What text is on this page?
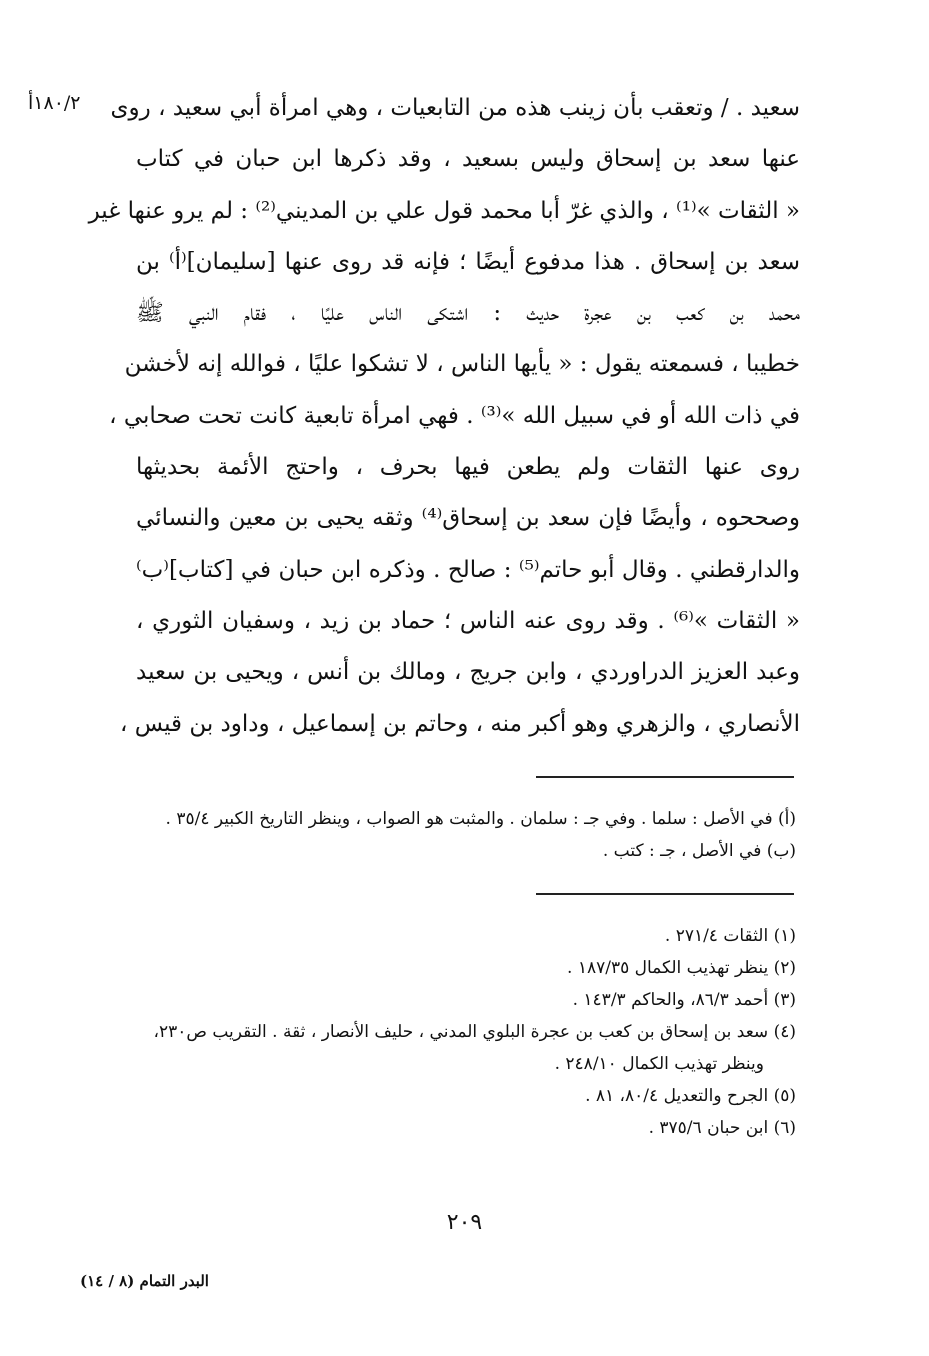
١٨٠/٢أ سعيد . / وتعقب بأن زينب هذه من التابعيات ، وهي امرأة أبي سعيد ، روى
عنها سعد بن إسحاق وليس بسعيد ، وقد ذكرها ابن حبان في كتاب
« الثقات »⁽¹⁾ ، والذي غرّ أبا محمد قول علي بن المديني⁽²⁾ : لم يرو عنها غير
سعد بن إسحاق . هذا مدفوع أيضًا ؛ فإنه قد روى عنها [سليمان]⁽أ⁾ بن
محمد بن كعب بن عجرة حديث : اشتكى الناس عليًا ، فقام النبي ﷺ
خطيبا ، فسمعته يقول : « يأيها الناس ، لا تشكوا عليًا ، فوالله إنه لأخشن
في ذات الله أو في سبيل الله »⁽³⁾ . فهي امرأة تابعية كانت تحت صحابي ،
روى عنها الثقات ولم يطعن فيها بحرف ، واحتج الأئمة بحديثها
وصححوه ، وأيضًا فإن سعد بن إسحاق⁽⁴⁾ وثقه يحيى بن معين والنسائي
والدارقطني . وقال أبو حاتم⁽⁵⁾ : صالح . وذكره ابن حبان في [كتاب]⁽ب⁾
« الثقات »⁽⁶⁾ . وقد روى عنه الناس ؛ حماد بن زيد ، وسفيان الثوري ،
وعبد العزيز الدراوردي ، وابن جريج ، ومالك بن أنس ، ويحيى بن سعيد
الأنصاري ، والزهري وهو أكبر منه ، وحاتم بن إسماعيل ، وداود بن قيس ،
(أ) في الأصل : سلما . وفي جـ : سلمان . والمثبت هو الصواب ، وينظر التاريخ الكبير ٣٥/٤ .
(ب) في الأصل ، جـ : كتب .
(١) الثقات ٢٧١/٤ .
(٢) ينظر تهذيب الكمال ١٨٧/٣٥ .
(٣) أحمد ٨٦/٣، والحاكم ١٤٣/٣ .
(٤) سعد بن إسحاق بن كعب بن عجرة البلوي المدني ، حليف الأنصار ، ثقة . التقريب ص٢٣٠،
وينظر تهذيب الكمال ٢٤٨/١٠ .
(٥) الجرح والتعديل ٨٠/٤، ٨١ .
(٦) ابن حبان ٣٧٥/٦ .
٢٠٩
البدر التمام (٨ / ١٤)
